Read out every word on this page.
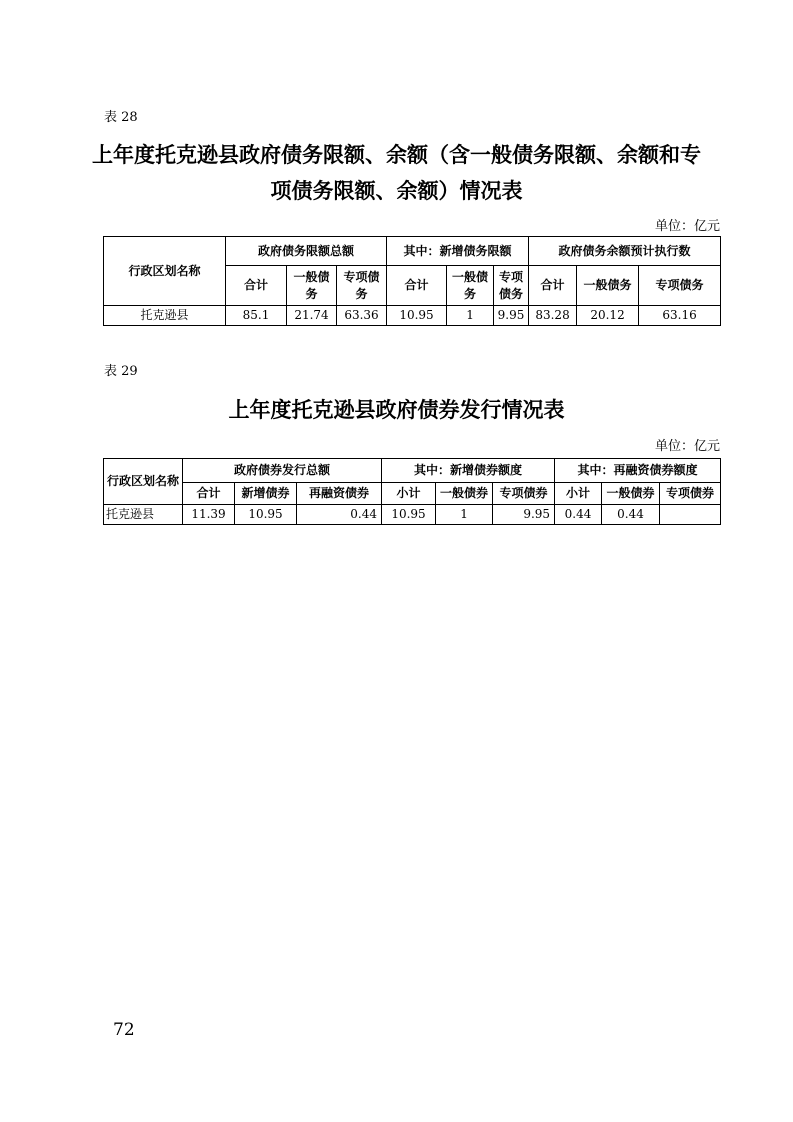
表 28
上年度托克逊县政府债务限额、余额（含一般债务限额、余额和专
项债务限额、余额）情况表
单位：亿元
行政区划名称	政府债务限额总额			其中：新增债务限额			政府债务余额预计执行数		
	合计	一般债务	专项债务	合计	一般债务	专项债务	合计	一般债务	专项债务
托克逊县	85.1	21.74	63.36	10.95	1	9.95	83.28	20.12	63.16
表 29
上年度托克逊县政府债券发行情况表
单位：亿元
行政区划名称	政府债券发行总额			其中：新增债券额度			其中：再融资债券额度		
	合计	新增债券	再融资债券	小计	一般债券	专项债券	小计	一般债券	专项债券
托克逊县	11.39	10.95	0.44	10.95	1	9.95	0.44	0.44	
72
